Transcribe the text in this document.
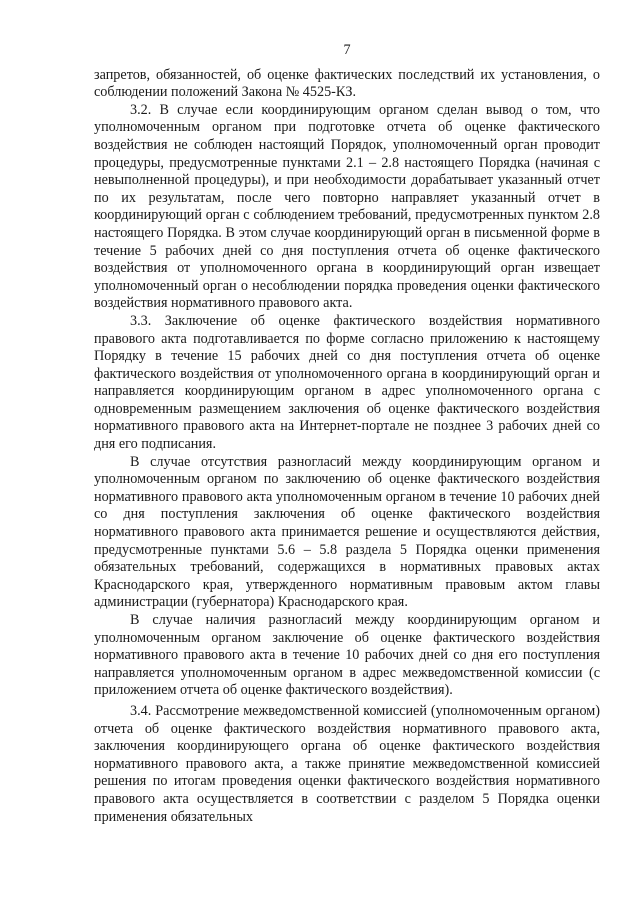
7

запретов, обязанностей, об оценке фактических последствий их установления, о соблюдении положений Закона № 4525-КЗ.

3.2. В случае если координирующим органом сделан вывод о том, что уполномоченным органом при подготовке отчета об оценке фактического воздействия не соблюден настоящий Порядок, уполномоченный орган проводит процедуры, предусмотренные пунктами 2.1 – 2.8 настоящего Порядка (начиная с невыполненной процедуры), и при необходимости дорабатывает указанный отчет по их результатам, после чего повторно направляет указанный отчет в координирующий орган с соблюдением требований, предусмотренных пунктом 2.8 настоящего Порядка. В этом случае координирующий орган в письменной форме в течение 5 рабочих дней со дня поступления отчета об оценке фактического воздействия от уполномоченного органа в координирующий орган извещает уполномоченный орган о несоблюдении порядка проведения оценки фактического воздействия нормативного правового акта.

3.3. Заключение об оценке фактического воздействия нормативного правового акта подготавливается по форме согласно приложению к настоящему Порядку в течение 15 рабочих дней со дня поступления отчета об оценке фактического воздействия от уполномоченного органа в координирующий орган и направляется координирующим органом в адрес уполномоченного органа с одновременным размещением заключения об оценке фактического воздействия нормативного правового акта на Интернет-портале не позднее 3 рабочих дней со дня его подписания.

В случае отсутствия разногласий между координирующим органом и уполномоченным органом по заключению об оценке фактического воздействия нормативного правового акта уполномоченным органом в течение 10 рабочих дней со дня поступления заключения об оценке фактического воздействия нормативного правового акта принимается решение и осуществляются действия, предусмотренные пунктами 5.6 – 5.8 раздела 5 Порядка оценки применения обязательных требований, содержащихся в нормативных правовых актах Краснодарского края, утвержденного нормативным правовым актом главы администрации (губернатора) Краснодарского края.

В случае наличия разногласий между координирующим органом и уполномоченным органом заключение об оценке фактического воздействия нормативного правового акта в течение 10 рабочих дней со дня его поступления направляется уполномоченным органом в адрес межведомственной комиссии (с приложением отчета об оценке фактического воздействия).

3.4. Рассмотрение межведомственной комиссией (уполномоченным органом) отчета об оценке фактического воздействия нормативного правового акта, заключения координирующего органа об оценке фактического воздействия нормативного правового акта, а также принятие межведомственной комиссией решения по итогам проведения оценки фактического воздействия нормативного правового акта осуществляется в соответствии с разделом 5 Порядка оценки применения обязательных
